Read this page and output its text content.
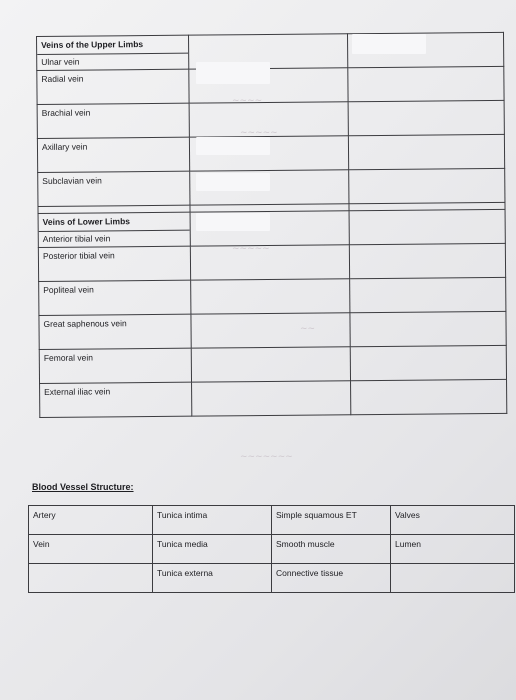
Veins of the Upper Limbs
Ulnar vein		

Radial vein		
Brachial vein		
Axillary vein		
Subclavian vein		

Veins of Lower Limbs
Anterior tibial vein		

Posterior tibial vein		
Popliteal vein		
Great saphenous vein		
Femoral vein		
External iliac vein		
~~~~
~~~~~
~~~~~
~~
~~~~~~~
Blood Vessel Structure:
Artery	Tunica intima	Simple squamous ET	Valves
Vein	Tunica media	Smooth muscle	Lumen
	Tunica externa	Connective tissue	
